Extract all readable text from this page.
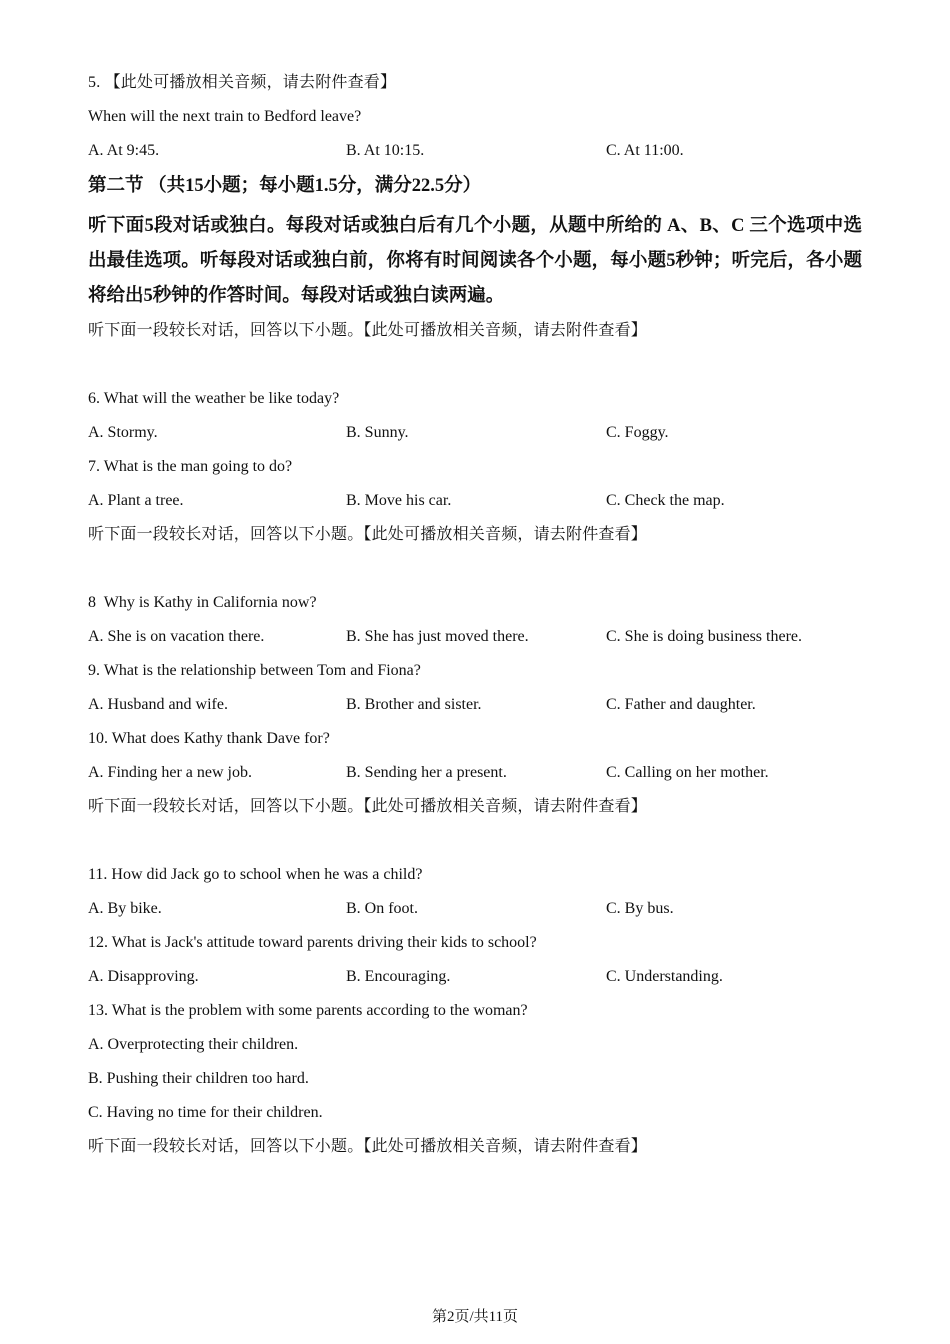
5. 【此处可播放相关音频，请去附件查看】
When will the next train to Bedford leave?
A. At 9:45.	B. At 10:15.	C. At 11:00.
第二节 （共15小题；每小题1.5分，满分22.5分）
听下面5段对话或独白。每段对话或独白后有几个小题，从题中所给的 A、B、C 三个选项中选出最佳选项。听每段对话或独白前，你将有时间阅读各个小题，每小题5秒钟；听完后，各小题将给出5秒钟的作答时间。每段对话或独白读两遍。
听下面一段较长对话，回答以下小题。【此处可播放相关音频，请去附件查看】
6. What will the weather be like today?
A. Stormy.	B. Sunny.	C. Foggy.
7. What is the man going to do?
A. Plant a tree.	B. Move his car.	C. Check the map.
听下面一段较长对话，回答以下小题。【此处可播放相关音频，请去附件查看】
8  Why is Kathy in California now?
A. She is on vacation there.	B. She has just moved there.	C. She is doing business there.
9. What is the relationship between Tom and Fiona?
A. Husband and wife.	B. Brother and sister.	C. Father and daughter.
10. What does Kathy thank Dave for?
A. Finding her a new job.	B. Sending her a present.	C. Calling on her mother.
听下面一段较长对话，回答以下小题。【此处可播放相关音频，请去附件查看】
11. How did Jack go to school when he was a child?
A. By bike.	B. On foot.	C. By bus.
12. What is Jack's attitude toward parents driving their kids to school?
A. Disapproving.	B. Encouraging.	C. Understanding.
13. What is the problem with some parents according to the woman?
A. Overprotecting their children.
B. Pushing their children too hard.
C. Having no time for their children.
听下面一段较长对话，回答以下小题。【此处可播放相关音频，请去附件查看】
第2页/共11页
